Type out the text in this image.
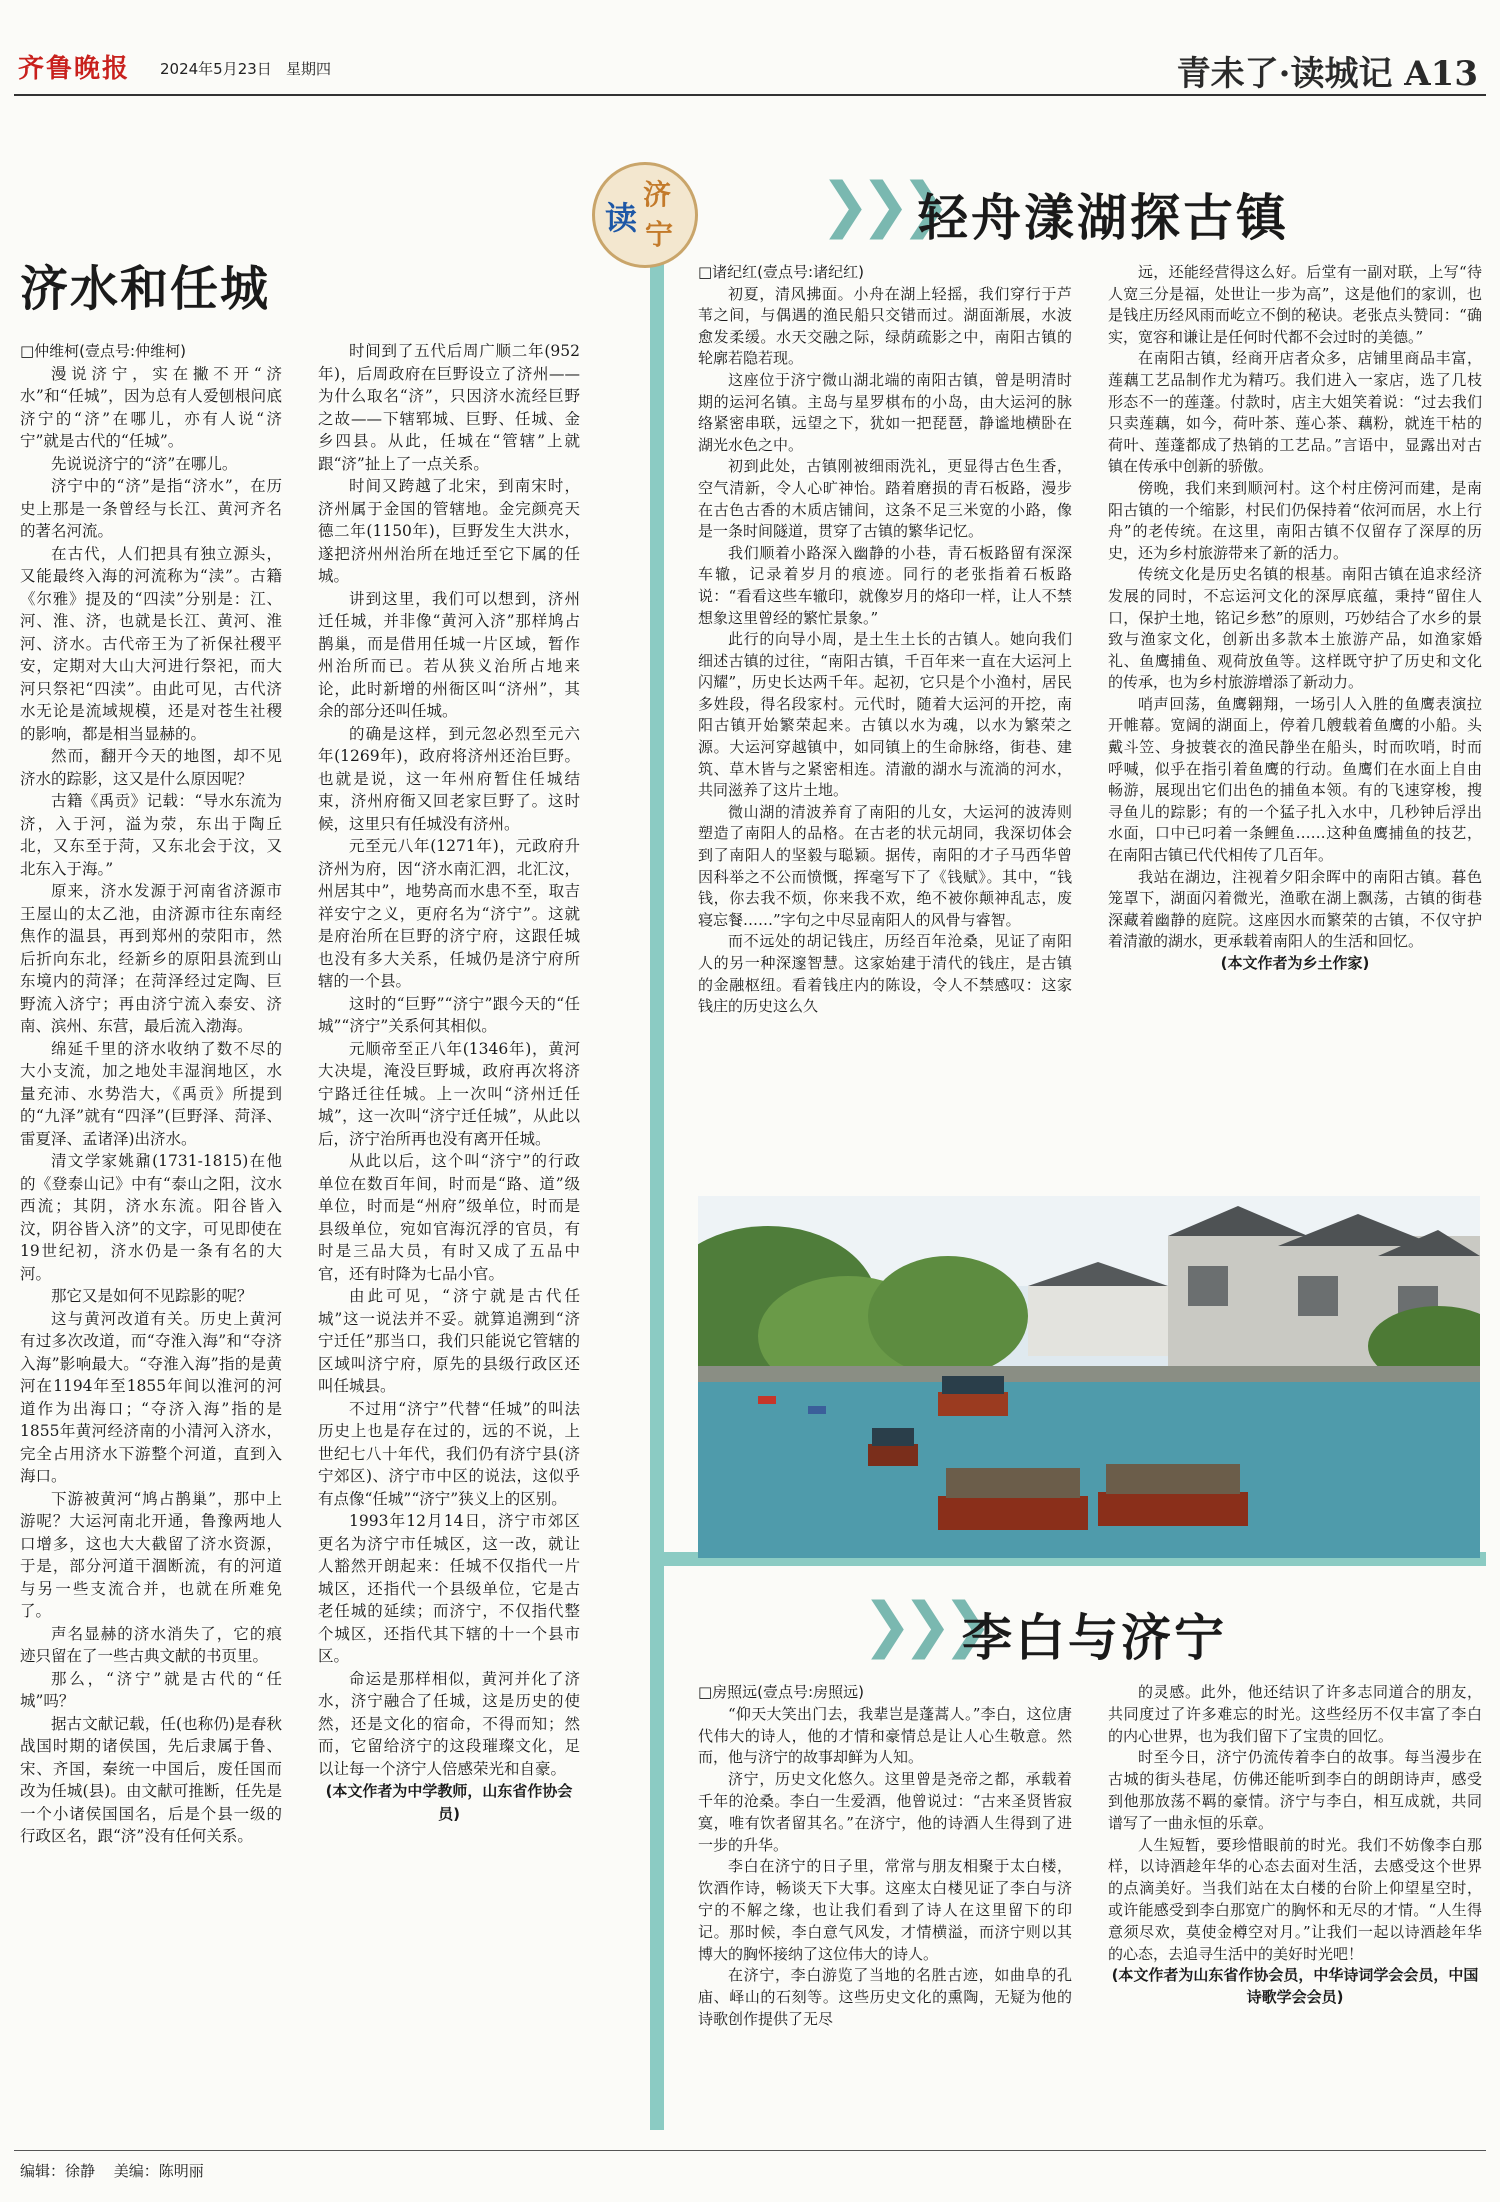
齐鲁晚报 2024年5月23日 星期四	青未了·读城记 A13
读
济
宁
济水和任城

□仲维柯(壹点号:仲维柯)

漫说济宁，实在撇不开“济水”和“任城”，因为总有人爱刨根问底济宁的“济”在哪儿，亦有人说“济宁”就是古代的“任城”。

先说说济宁的“济”在哪儿。

济宁中的“济”是指“济水”，在历史上那是一条曾经与长江、黄河齐名的著名河流。

在古代，人们把具有独立源头，又能最终入海的河流称为“渎”。古籍《尔雅》提及的“四渎”分别是：江、河、淮、济，也就是长江、黄河、淮河、济水。古代帝王为了祈保社稷平安，定期对大山大河进行祭祀，而大河只祭祀“四渎”。由此可见，古代济水无论是流域规模，还是对苍生社稷的影响，都是相当显赫的。

然而，翻开今天的地图，却不见济水的踪影，这又是什么原因呢？

古籍《禹贡》记载：“导水东流为济，入于河，溢为荥，东出于陶丘北，又东至于菏，又东北会于汶，又北东入于海。”

原来，济水发源于河南省济源市王屋山的太乙池，由济源市往东南经焦作的温县，再到郑州的荥阳市，然后折向东北，经新乡的原阳县流到山东境内的菏泽；在菏泽经过定陶、巨野流入济宁；再由济宁流入泰安、济南、滨州、东营，最后流入渤海。

绵延千里的济水收纳了数不尽的大小支流，加之地处丰湿润地区，水量充沛、水势浩大，《禹贡》所提到的“九泽”就有“四泽”(巨野泽、菏泽、雷夏泽、孟诸泽)出济水。

清文学家姚鼐(1731-1815)在他的《登泰山记》中有“泰山之阳，汶水西流；其阴，济水东流。阳谷皆入汶，阴谷皆入济”的文字，可见即使在19世纪初，济水仍是一条有名的大河。

那它又是如何不见踪影的呢？

这与黄河改道有关。历史上黄河有过多次改道，而“夺淮入海”和“夺济入海”影响最大。“夺淮入海”指的是黄河在1194年至1855年间以淮河的河道作为出海口；“夺济入海”指的是1855年黄河经济南的小清河入济水，完全占用济水下游整个河道，直到入海口。

下游被黄河“鸠占鹊巢”，那中上游呢？大运河南北开通，鲁豫两地人口增多，这也大大截留了济水资源，于是，部分河道干涸断流，有的河道与另一些支流合并，也就在所难免了。

声名显赫的济水消失了，它的痕迹只留在了一些古典文献的书页里。

那么，“济宁”就是古代的“任城”吗？

据古文献记载，任(也称仍)是春秋战国时期的诸侯国，先后隶属于鲁、宋、齐国，秦统一中国后，废任国而改为任城(县)。由文献可推断，任先是一个小诸侯国国名，后是个县一级的行政区名，跟“济”没有任何关系。

时间到了五代后周广顺二年(952年)，后周政府在巨野设立了济州——为什么取名“济”，只因济水流经巨野之故——下辖郓城、巨野、任城、金乡四县。从此，任城在“管辖”上就跟“济”扯上了一点关系。

时间又跨越了北宋，到南宋时，济州属于金国的管辖地。金完颜亮天德二年(1150年)，巨野发生大洪水，遂把济州州治所在地迁至它下属的任城。

讲到这里，我们可以想到，济州迁任城，并非像“黄河入济”那样鸠占鹊巢，而是借用任城一片区域，暂作州治所而已。若从狭义治所占地来论，此时新增的州衙区叫“济州”，其余的部分还叫任城。

的确是这样，到元忽必烈至元六年(1269年)，政府将济州还治巨野。也就是说，这一年州府暂住任城结束，济州府衙又回老家巨野了。这时候，这里只有任城没有济州。

元至元八年(1271年)，元政府升济州为府，因“济水南汇泗，北汇汶，州居其中”，地势高而水患不至，取吉祥安宁之义，更府名为“济宁”。这就是府治所在巨野的济宁府，这跟任城也没有多大关系，任城仍是济宁府所辖的一个县。

这时的“巨野”“济宁”跟今天的“任城”“济宁”关系何其相似。

元顺帝至正八年(1346年)，黄河大决堤，淹没巨野城，政府再次将济宁路迁往任城。上一次叫“济州迁任城”，这一次叫“济宁迁任城”，从此以后，济宁治所再也没有离开任城。

从此以后，这个叫“济宁”的行政单位在数百年间，时而是“路、道”级单位，时而是“州府”级单位，时而是县级单位，宛如官海沉浮的官员，有时是三品大员，有时又成了五品中官，还有时降为七品小官。

由此可见，“济宁就是古代任城”这一说法并不妥。就算追溯到“济宁迁任”那当口，我们只能说它管辖的区域叫济宁府，原先的县级行政区还叫任城县。

不过用“济宁”代替“任城”的叫法历史上也是存在过的，远的不说，上世纪七八十年代，我们仍有济宁县(济宁郊区)、济宁市中区的说法，这似乎有点像“任城”“济宁”狭义上的区别。

1993年12月14日，济宁市郊区更名为济宁市任城区，这一改，就让人豁然开朗起来：任城不仅指代一片城区，还指代一个县级单位，它是古老任城的延续；而济宁，不仅指代整个城区，还指代其下辖的十一个县市区。

命运是那样相似，黄河并化了济水，济宁融合了任城，这是历史的使然，还是文化的宿命，不得而知；然而，它留给济宁的这段璀璨文化，足以让每一个济宁人倍感荣光和自豪。

(本文作者为中学教师，山东省作协会员)

❯❯❯
轻舟漾湖探古镇

□诸纪红(壹点号:诸纪红)

初夏，清风拂面。小舟在湖上轻摇，我们穿行于芦苇之间，与偶遇的渔民船只交错而过。湖面渐展，水波愈发柔缓。水天交融之际，绿荫疏影之中，南阳古镇的轮廓若隐若现。

这座位于济宁微山湖北端的南阳古镇，曾是明清时期的运河名镇。主岛与星罗棋布的小岛，由大运河的脉络紧密串联，远望之下，犹如一把琵琶，静谧地横卧在湖光水色之中。

初到此处，古镇刚被细雨洗礼，更显得古色生香，空气清新，令人心旷神怡。踏着磨损的青石板路，漫步在古色古香的木质店铺间，这条不足三米宽的小路，像是一条时间隧道，贯穿了古镇的繁华记忆。

我们顺着小路深入幽静的小巷，青石板路留有深深车辙，记录着岁月的痕迹。同行的老张指着石板路说：“看看这些车辙印，就像岁月的烙印一样，让人不禁想象这里曾经的繁忙景象。”

此行的向导小周，是土生土长的古镇人。她向我们细述古镇的过往，“南阳古镇，千百年来一直在大运河上闪耀”，历史长达两千年。起初，它只是个小渔村，居民多姓段，得名段家村。元代时，随着大运河的开挖，南阳古镇开始繁荣起来。古镇以水为魂，以水为繁荣之源。大运河穿越镇中，如同镇上的生命脉络，街巷、建筑、草木皆与之紧密相连。清澈的湖水与流淌的河水，共同滋养了这片土地。

微山湖的清波养育了南阳的儿女，大运河的波涛则塑造了南阳人的品格。在古老的状元胡同，我深切体会到了南阳人的坚毅与聪颖。据传，南阳的才子马西华曾因科举之不公而愤慨，挥毫写下了《钱赋》。其中，“钱钱，你去我不烦，你来我不欢，绝不被你颠神乱志，废寝忘餐……”字句之中尽显南阳人的风骨与睿智。

而不远处的胡记钱庄，历经百年沧桑，见证了南阳人的另一种深邃智慧。这家始建于清代的钱庄，是古镇的金融枢纽。看着钱庄内的陈设，令人不禁感叹：这家钱庄的历史这么久

远，还能经营得这么好。后堂有一副对联，上写“待人宽三分是福，处世让一步为高”，这是他们的家训，也是钱庄历经风雨而屹立不倒的秘诀。老张点头赞同：“确实，宽容和谦让是任何时代都不会过时的美德。”

在南阳古镇，经商开店者众多，店铺里商品丰富，莲藕工艺品制作尤为精巧。我们进入一家店，选了几枝形态不一的莲蓬。付款时，店主大姐笑着说：“过去我们只卖莲藕，如今，荷叶茶、莲心茶、藕粉，就连干枯的荷叶、莲蓬都成了热销的工艺品。”言语中，显露出对古镇在传承中创新的骄傲。

傍晚，我们来到顺河村。这个村庄傍河而建，是南阳古镇的一个缩影，村民们仍保持着“依河而居，水上行舟”的老传统。在这里，南阳古镇不仅留存了深厚的历史，还为乡村旅游带来了新的活力。

传统文化是历史名镇的根基。南阳古镇在追求经济发展的同时，不忘运河文化的深厚底蕴，秉持“留住人口，保护土地，铭记乡愁”的原则，巧妙结合了水乡的景致与渔家文化，创新出多款本土旅游产品，如渔家婚礼、鱼鹰捕鱼、观荷放鱼等。这样既守护了历史和文化的传承，也为乡村旅游增添了新动力。

哨声回荡，鱼鹰翱翔，一场引人入胜的鱼鹰表演拉开帷幕。宽阔的湖面上，停着几艘载着鱼鹰的小船。头戴斗笠、身披蓑衣的渔民静坐在船头，时而吹哨，时而呼喊，似乎在指引着鱼鹰的行动。鱼鹰们在水面上自由畅游，展现出它们出色的捕鱼本领。有的飞速穿梭，搜寻鱼儿的踪影；有的一个猛子扎入水中，几秒钟后浮出水面，口中已叼着一条鲤鱼……这种鱼鹰捕鱼的技艺，在南阳古镇已代代相传了几百年。

我站在湖边，注视着夕阳余晖中的南阳古镇。暮色笼罩下，湖面闪着微光，渔歌在湖上飘荡，古镇的街巷深藏着幽静的庭院。这座因水而繁荣的古镇，不仅守护着清澈的湖水，更承载着南阳人的生活和回忆。

(本文作者为乡土作家)

❯❯❯
李白与济宁

□房照远(壹点号:房照远)

“仰天大笑出门去，我辈岂是蓬蒿人。”李白，这位唐代伟大的诗人，他的才情和豪情总是让人心生敬意。然而，他与济宁的故事却鲜为人知。

济宁，历史文化悠久。这里曾是尧帝之都，承载着千年的沧桑。李白一生爱酒，他曾说过：“古来圣贤皆寂寞，唯有饮者留其名。”在济宁，他的诗酒人生得到了进一步的升华。

李白在济宁的日子里，常常与朋友相聚于太白楼，饮酒作诗，畅谈天下大事。这座太白楼见证了李白与济宁的不解之缘，也让我们看到了诗人在这里留下的印记。那时候，李白意气风发，才情横溢，而济宁则以其博大的胸怀接纳了这位伟大的诗人。

在济宁，李白游览了当地的名胜古迹，如曲阜的孔庙、峄山的石刻等。这些历史文化的熏陶，无疑为他的诗歌创作提供了无尽

的灵感。此外，他还结识了许多志同道合的朋友，共同度过了许多难忘的时光。这些经历不仅丰富了李白的内心世界，也为我们留下了宝贵的回忆。

时至今日，济宁仍流传着李白的故事。每当漫步在古城的街头巷尾，仿佛还能听到李白的朗朗诗声，感受到他那放荡不羁的豪情。济宁与李白，相互成就，共同谱写了一曲永恒的乐章。

人生短暂，要珍惜眼前的时光。我们不妨像李白那样，以诗酒趁年华的心态去面对生活，去感受这个世界的点滴美好。当我们站在太白楼的台阶上仰望星空时，或许能感受到李白那宽广的胸怀和无尽的才情。“人生得意须尽欢，莫使金樽空对月。”让我们一起以诗酒趁年华的心态，去追寻生活中的美好时光吧！

(本文作者为山东省作协会员，中华诗词学会会员，中国诗歌学会会员)

编辑：徐静 美编：陈明丽
